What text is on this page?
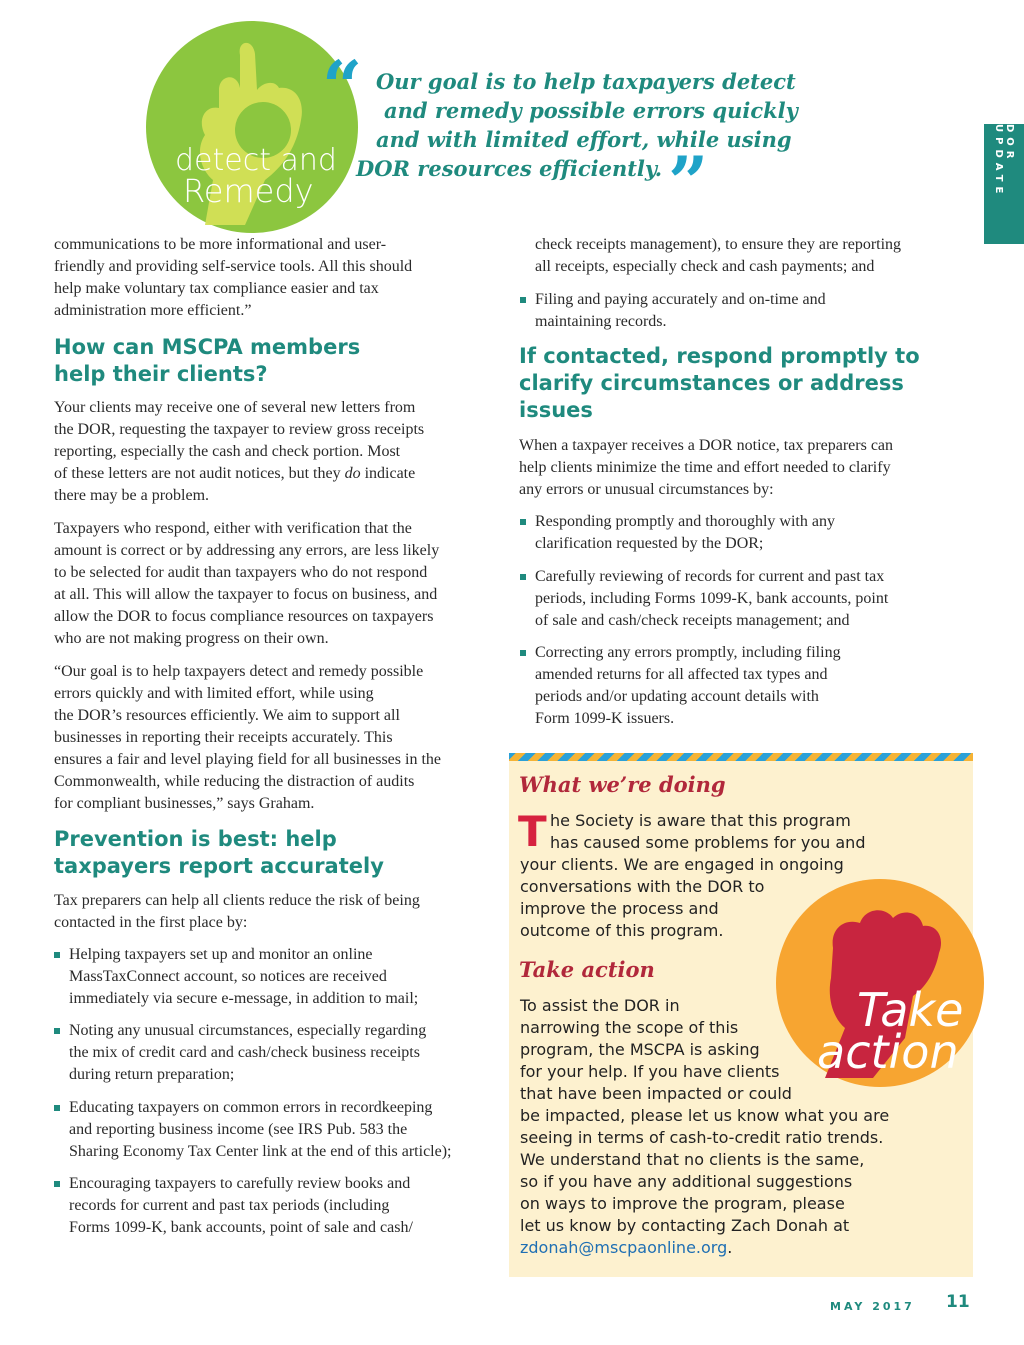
DOR UPDATE
detect and
Remedy
“ Our goal is to help taxpayers detect
and remedy possible errors quickly
and with limited effort, while using
DOR resources efficiently. ”
communications to be more informational and user-
friendly and providing self-service tools. All this should
help make voluntary tax compliance easier and tax
administration more efficient.”
How can MSCPA members
help their clients?
Your clients may receive one of several new letters from
the DOR, requesting the taxpayer to review gross receipts
reporting, especially the cash and check portion. Most
of these letters are not audit notices, but they do indicate
there may be a problem.
Taxpayers who respond, either with verification that the
amount is correct or by addressing any errors, are less likely
to be selected for audit than taxpayers who do not respond
at all. This will allow the taxpayer to focus on business, and
allow the DOR to focus compliance resources on taxpayers
who are not making progress on their own.
“Our goal is to help taxpayers detect and remedy possible
errors quickly and with limited effort, while using
the DOR’s resources efficiently. We aim to support all
businesses in reporting their receipts accurately. This
ensures a fair and level playing field for all businesses in the
Commonwealth, while reducing the distraction of audits
for compliant businesses,” says Graham.
Prevention is best: help
taxpayers report accurately
Tax preparers can help all clients reduce the risk of being
contacted in the first place by:
Helping taxpayers set up and monitor an online
MassTaxConnect account, so notices are received
immediately via secure e-message, in addition to mail;
Noting any unusual circumstances, especially regarding
the mix of credit card and cash/check business receipts
during return preparation;
Educating taxpayers on common errors in recordkeeping
and reporting business income (see IRS Pub. 583 the
Sharing Economy Tax Center link at the end of this article);
Encouraging taxpayers to carefully review books and
records for current and past tax periods (including
Forms 1099-K, bank accounts, point of sale and cash/
check receipts management), to ensure they are reporting
all receipts, especially check and cash payments; and
Filing and paying accurately and on-time and
maintaining records.
If contacted, respond promptly to
clarify circumstances or address
issues
When a taxpayer receives a DOR notice, tax preparers can
help clients minimize the time and effort needed to clarify
any errors or unusual circumstances by:
Responding promptly and thoroughly with any
clarification requested by the DOR;
Carefully reviewing of records for current and past tax
periods, including Forms 1099-K, bank accounts, point
of sale and cash/check receipts management; and
Correcting any errors promptly, including filing
amended returns for all affected tax types and
periods and/or updating account details with
Form 1099-K issuers.
What we’re doing
T he Society is aware that this program
has caused some problems for you and
your clients. We are engaged in ongoing
conversations with the DOR to
improve the process and
outcome of this program.
Take
action
Take action
To assist the DOR in
narrowing the scope of this
program, the MSCPA is asking
for your help. If you have clients
that have been impacted or could
be impacted, please let us know what you are
seeing in terms of cash-to-credit ratio trends.
We understand that no clients is the same,
so if you have any additional suggestions
on ways to improve the program, please
let us know by contacting Zach Donah at
zdonah@mscpaonline.org.
MAY 2017 11
